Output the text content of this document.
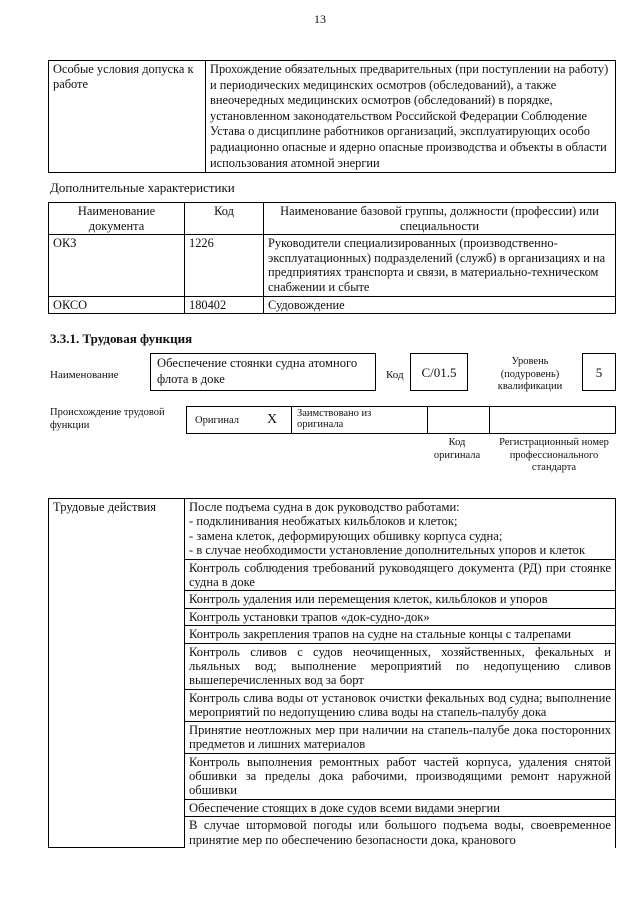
13
Особые условия допуска к работе	Прохождение обязательных предварительных (при поступлении на работу) и периодических медицинских осмотров (обследований), а также внеочередных медицинских осмотров (обследований) в порядке, установленном законодательством Российской Федерации Соблюдение Устава о дисциплине работников организаций, эксплуатирующих особо радиационно опасные и ядерно опасные производства и объекты в области использования атомной энергии
Дополнительные характеристики
Наименование документа	Код	Наименование базовой группы, должности (профессии) или специальности
ОКЗ	1226	Руководители специализированных (производственно-эксплуатационных) подразделений (служб) в организациях и на предприятиях транспорта и связи, в материально-техническом снабжении и сбыте
ОКСО	180402	Судовождение
3.3.1. Трудовая функция
Наименование
Обеспечение стоянки судна атомного флота в доке	Код	С/01.5
Уровень (подуровень) квалификации
5
Происхождение трудовой функции	Оригинал X Заимствовано из оригинала
Код оригинала
Регистрационный номер профессионального стандарта
Трудовые действия	После подъема судна в док руководство работами:
- подклинивания необжатых кильблоков и клеток;
- замена клеток, деформирующих обшивку корпуса судна;
- в случае необходимости установление дополнительных упоров и клеток
Контроль соблюдения требований руководящего документа (РД) при стоянке судна в доке
Контроль удаления или перемещения клеток, кильблоков и упоров
Контроль установки трапов «док-судно-док»
Контроль закрепления трапов на судне на стальные концы с талрепами
Контроль сливов с судов неочищенных, хозяйственных, фекальных и льяльных вод; выполнение мероприятий по недопущению сливов вышеперечисленных вод за борт
Контроль слива воды от установок очистки фекальных вод судна; выполнение мероприятий по недопущению слива воды на стапель-палубу дока
Принятие неотложных мер при наличии на стапель-палубе дока посторонних предметов и лишних материалов
Контроль выполнения ремонтных работ частей корпуса, удаления снятой обшивки за пределы дока рабочими, производящими ремонт наружной обшивки
Обеспечение стоящих в доке судов всеми видами энергии
В случае штормовой погоды или большого подъема воды, своевременное принятие мер по обеспечению безопасности дока, кранового
